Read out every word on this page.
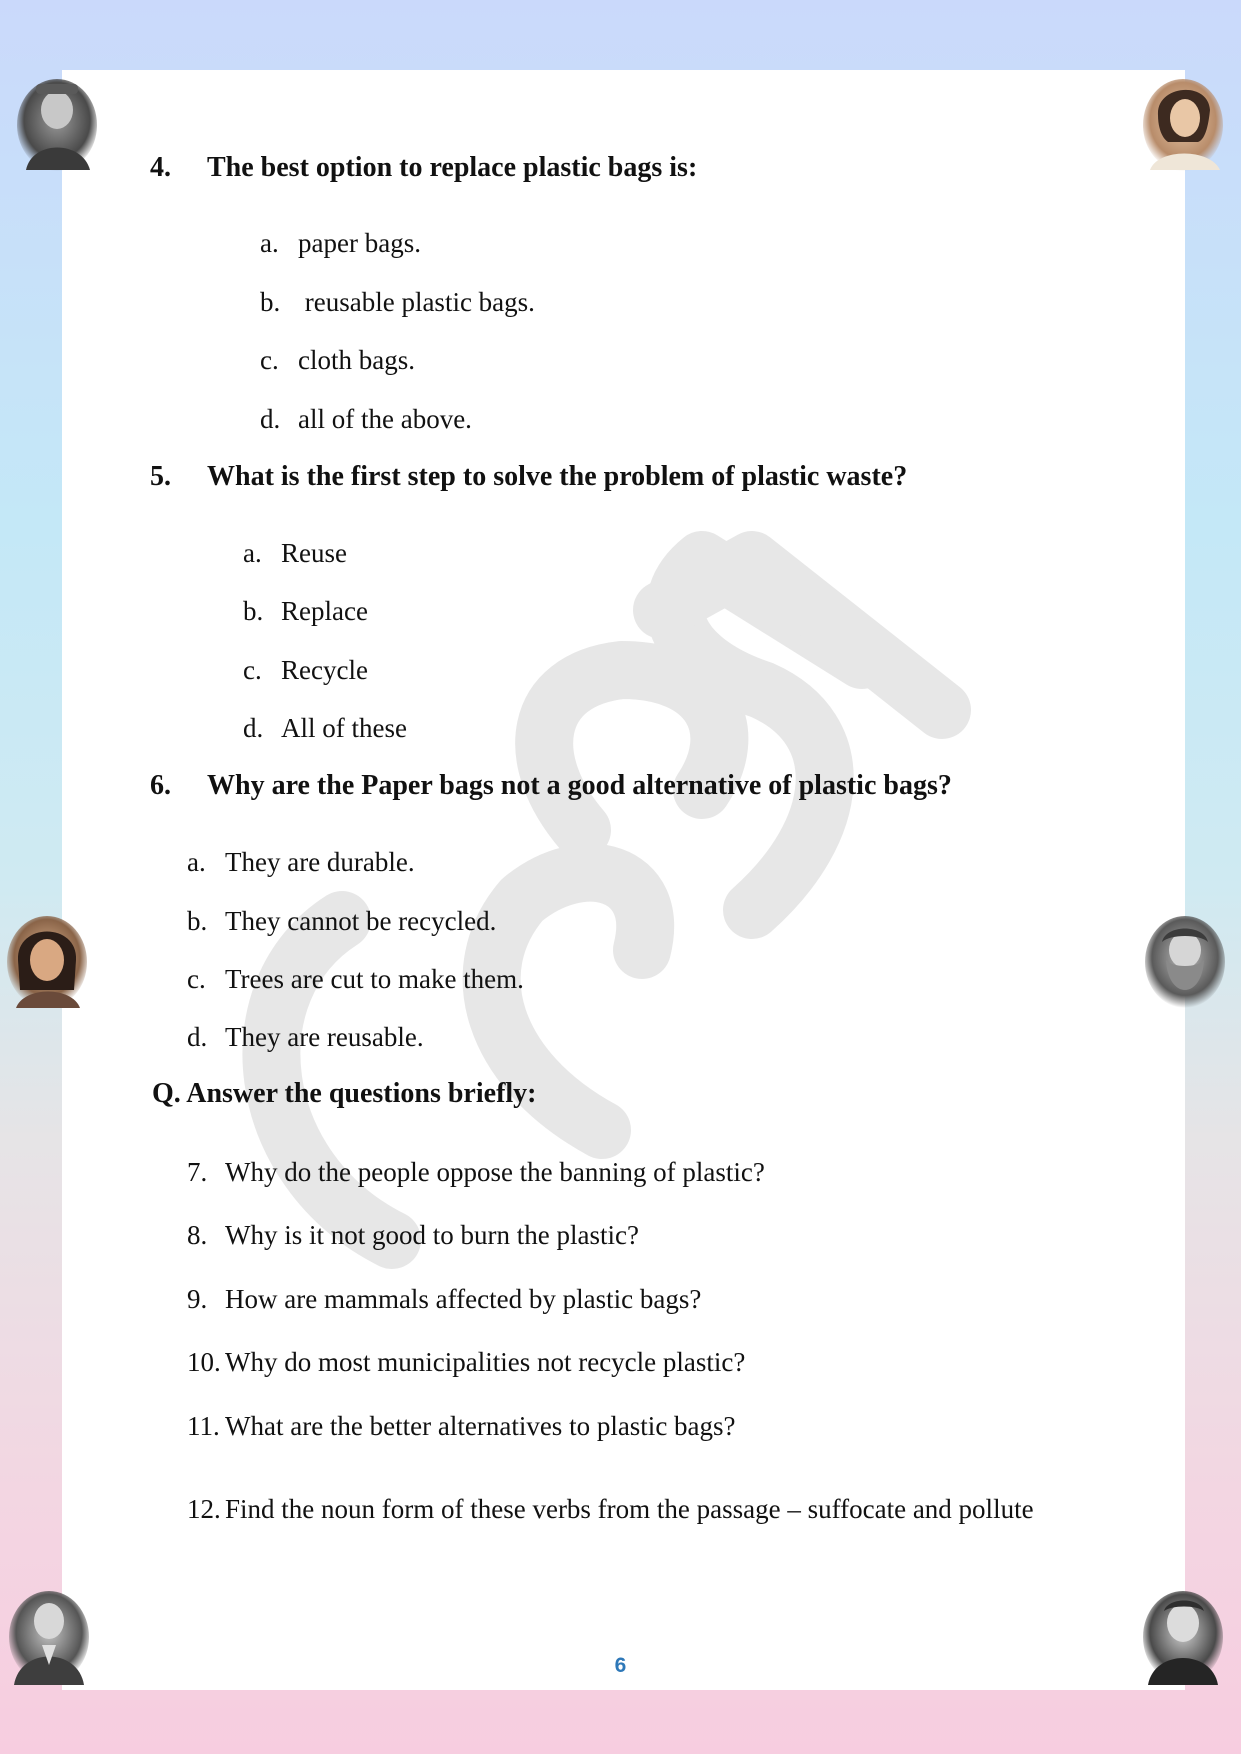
4. The best option to replace plastic bags is:
a. paper bags.
b. reusable plastic bags.
c. cloth bags.
d. all of the above.
5. What is the first step to solve the problem of plastic waste?
a. Reuse
b. Replace
c. Recycle
d. All of these
6. Why are the Paper bags not a good alternative of plastic bags?
a. They are durable.
b. They cannot be recycled.
c. Trees are cut to make them.
d. They are reusable.
Q. Answer the questions briefly:
7. Why do the people oppose the banning of plastic?
8. Why is it not good to burn the plastic?
9. How are mammals affected by plastic bags?
10. Why do most municipalities not recycle plastic?
11. What are the better alternatives to plastic bags?
12. Find the noun form of these verbs from the passage – suffocate and pollute
6
